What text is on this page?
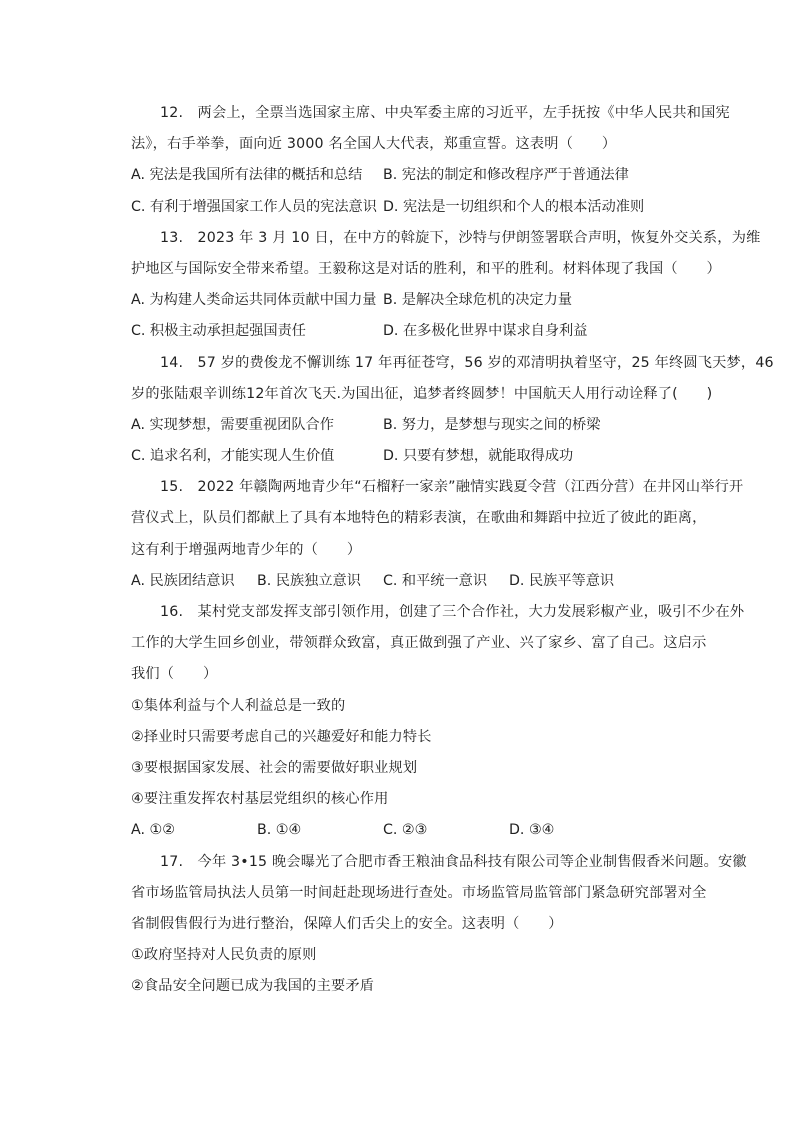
12.　两会上，全票当选国家主席、中央军委主席的习近平，左手抚按《中华人民共和国宪
法》，右手举拳，面向近 3000 名全国人大代表，郑重宣誓。这表明（　　）
A. 宪法是我国所有法律的概括和总结	B. 宪法的制定和修改程序严于普通法律
C. 有利于增强国家工作人员的宪法意识 D. 宪法是一切组织和个人的根本活动准则
13.　2023 年 3 月 10 日，在中方的斡旋下，沙特与伊朗签署联合声明，恢复外交关系，为维
护地区与国际安全带来希望。王毅称这是对话的胜利，和平的胜利。材料体现了我国（　　）
A. 为构建人类命运共同体贡献中国力量 B. 是解决全球危机的决定力量
C. 积极主动承担起强国责任	D. 在多极化世界中谋求自身利益
14.　57 岁的费俊龙不懈训练 17 年再征苍穹，56 岁的邓清明执着坚守，25 年终圆飞天梦，46
岁的张陆艰辛训练12年首次飞天.为国出征，追梦者终圆梦！中国航天人用行动诠释了(　　)
A. 实现梦想，需要重视团队合作	B. 努力，是梦想与现实之间的桥梁
C. 追求名利，才能实现人生价值	D. 只要有梦想，就能取得成功
15.　2022 年赣陶两地青少年“石榴籽一家亲”融情实践夏令营（江西分营）在井冈山举行开
营仪式上，队员们都献上了具有本地特色的精彩表演，在歌曲和舞蹈中拉近了彼此的距离，
这有利于增强两地青少年的（　　）
A. 民族团结意识	B. 民族独立意识	C. 和平统一意识	D. 民族平等意识
16.　某村党支部发挥支部引领作用，创建了三个合作社，大力发展彩椒产业，吸引不少在外
工作的大学生回乡创业，带领群众致富，真正做到强了产业、兴了家乡、富了自己。这启示
我们（　　）
①集体利益与个人利益总是一致的
②择业时只需要考虑自己的兴趣爱好和能力特长
③要根据国家发展、社会的需要做好职业规划
④要注重发挥农村基层党组织的核心作用
A. ①②	B. ①④	C. ②③	D. ③④
17.　今年 3•15 晚会曝光了合肥市香王粮油食品科技有限公司等企业制售假香米问题。安徽
省市场监管局执法人员第一时间赶赴现场进行查处。市场监管局监管部门紧急研究部署对全
省制假售假行为进行整治，保障人们舌尖上的安全。这表明（　　）
①政府坚持对人民负责的原则
②食品安全问题已成为我国的主要矛盾
